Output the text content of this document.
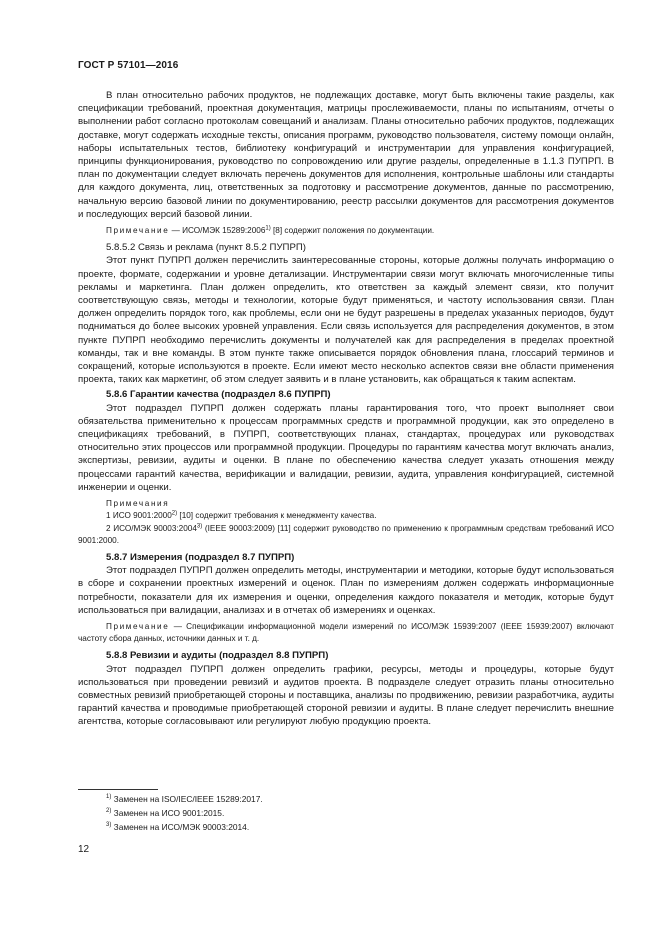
ГОСТ Р 57101—2016

В план относительно рабочих продуктов, не подлежащих доставке, могут быть включены такие разделы, как спецификации требований, проектная документация, матрицы прослеживаемости, планы по испытаниям, отчеты о выполнении работ согласно протоколам совещаний и анализам. Планы относительно рабочих продуктов, подлежащих доставке, могут содержать исходные тексты, описания программ, руководство пользователя, систему помощи онлайн, наборы испытательных тестов, библиотеку конфигураций и инструментарии для управления конфигурацией, принципы функционирования, руководство по сопровождению или другие разделы, определенные в 1.1.3 ПУПРП. В план по документации следует включать перечень документов для исполнения, контрольные шаблоны или стандарты для каждого документа, лиц, ответственных за подготовку и рассмотрение документов, данные по рассмотрению, начальную версию базовой линии по документированию, реестр рассылки документов для рассмотрения документов и последующих версий базовой линии.

Примечание — ИСО/МЭК 15289:2006$^{1)}$ [8] содержит положения по документации.

5.8.5.2 Связь и реклама (пункт 8.5.2 ПУПРП)

Этот пункт ПУПРП должен перечислить заинтересованные стороны, которые должны получать информацию о проекте, формате, содержании и уровне детализации. Инструментарии связи могут включать многочисленные типы рекламы и маркетинга. План должен определить, кто ответствен за каждый элемент связи, кто получит соответствующую связь, методы и технологии, которые будут применяться, и частоту использования связи. План должен определить порядок того, как проблемы, если они не будут разрешены в пределах указанных периодов, будут подниматься до более высоких уровней управления. Если связь используется для распределения документов, в этом пункте ПУПРП необходимо перечислить документы и получателей как для распределения в пределах проектной команды, так и вне команды. В этом пункте также описывается порядок обновления плана, глоссарий терминов и сокращений, которые используются в проекте. Если имеют место несколько аспектов связи вне области применения проекта, таких как маркетинг, об этом следует заявить и в плане установить, как обращаться к таким аспектам.

5.8.6 Гарантии качества (подраздел 8.6 ПУПРП)

Этот подраздел ПУПРП должен содержать планы гарантирования того, что проект выполняет свои обязательства применительно к процессам программных средств и программной продукции, как это определено в спецификациях требований, в ПУПРП, соответствующих планах, стандартах, процедурах или руководствах относительно этих процессов или программной продукции. Процедуры по гарантиям качества могут включать анализ, экспертизы, ревизии, аудиты и оценки. В плане по обеспечению качества следует указать отношения между процессами гарантий качества, верификации и валидации, ревизии, аудита, управления конфигурацией, системной инженерии и оценки.

Примечания

1 ИСО 9001:2000$^{2)}$ [10] содержит требования к менеджменту качества.

2 ИСО/МЭК 90003:2004$^{3)}$ (IEEE 90003:2009) [11] содержит руководство по применению к программным средствам требований ИСО 9001:2000.

5.8.7 Измерения (подраздел 8.7 ПУПРП)

Этот подраздел ПУПРП должен определить методы, инструментарии и методики, которые будут использоваться в сборе и сохранении проектных измерений и оценок. План по измерениям должен содержать информационные потребности, показатели для их измерения и оценки, определения каждого показателя и методик, которые будут использоваться при валидации, анализах и в отчетах об измерениях и оценках.

Примечание — Спецификации информационной модели измерений по ИСО/МЭК 15939:2007 (IEEE 15939:2007) включают частоту сбора данных, источники данных и т. д.

5.8.8 Ревизии и аудиты (подраздел 8.8 ПУПРП)

Этот подраздел ПУПРП должен определить графики, ресурсы, методы и процедуры, которые будут использоваться при проведении ревизий и аудитов проекта. В подразделе следует отразить планы относительно совместных ревизий приобретающей стороны и поставщика, анализы по продвижению, ревизии разработчика, аудиты гарантий качества и проводимые приобретающей стороной ревизии и аудиты. В плане следует перечислить внешние агентства, которые согласовывают или регулируют любую продукцию проекта.

$^{1)}$ Заменен на ISO/IEC/IEEE 15289:2017.
$^{2)}$ Заменен на ИСО 9001:2015.
$^{3)}$ Заменен на ИСО/МЭК 90003:2014.
12
